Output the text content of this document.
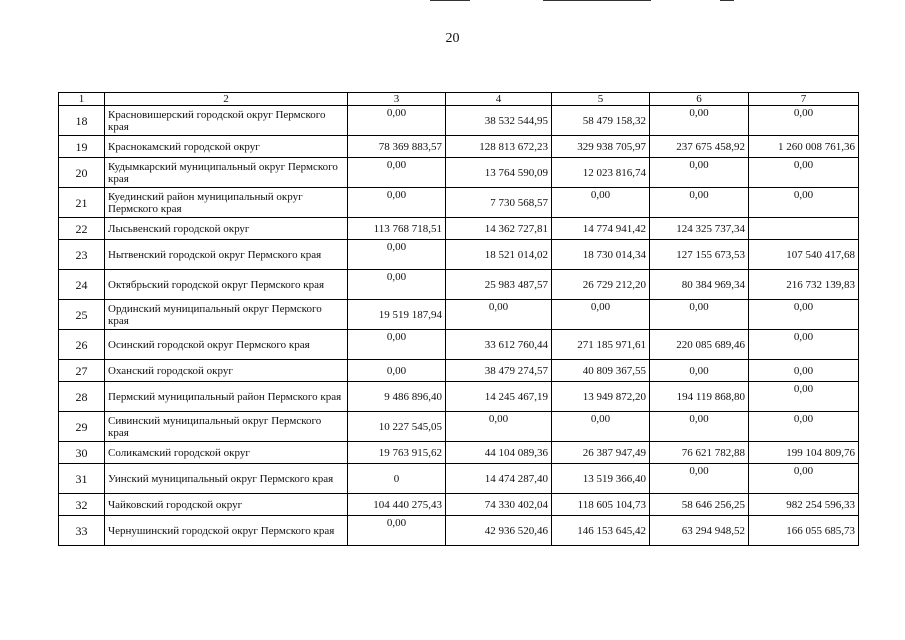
20
1	2	3	4	5	6	7
18	Красновишерский городской округ Пермского края	0,00	38 532 544,95	58 479 158,32	0,00	0,00
19	Краснокамский городской округ	78 369 883,57	128 813 672,23	329 938 705,97	237 675 458,92	1 260 008 761,36
20	Кудымкарский муниципальный округ Пермского края	0,00	13 764 590,09	12 023 816,74	0,00	0,00
21	Куединский район муниципальный округ Пермского края	0,00	7 730 568,57	0,00	0,00	0,00
22	Лысьвенский городской округ	113 768 718,51	14 362 727,81	14 774 941,42	124 325 737,34	
23	Нытвенский городской округ Пермского края	0,00	18 521 014,02	18 730 014,34	127 155 673,53	107 540 417,68
24	Октябрьский городской округ Пермского края	0,00	25 983 487,57	26 729 212,20	80 384 969,34	216 732 139,83
25	Ординский муниципальный округ Пермского края	19 519 187,94	0,00	0,00	0,00	0,00
26	Осинский городской округ Пермского края	0,00	33 612 760,44	271 185 971,61	220 085 689,46	0,00
27	Оханский городской округ	0,00	38 479 274,57	40 809 367,55	0,00	0,00
28	Пермский муниципальный район Пермского края	9 486 896,40	14 245 467,19	13 949 872,20	194 119 868,80	0,00
29	Сивинский муниципальный округ Пермского края	10 227 545,05	0,00	0,00	0,00	0,00
30	Соликамский городской округ	19 763 915,62	44 104 089,36	26 387 947,49	76 621 782,88	199 104 809,76
31	Уинский муниципальный округ Пермского края	0	14 474 287,40	13 519 366,40	0,00	0,00
32	Чайковский городской округ	104 440 275,43	74 330 402,04	118 605 104,73	58 646 256,25	982 254 596,33
33	Чернушинский городской округ Пермского края	0,00	42 936 520,46	146 153 645,42	63 294 948,52	166 055 685,73
